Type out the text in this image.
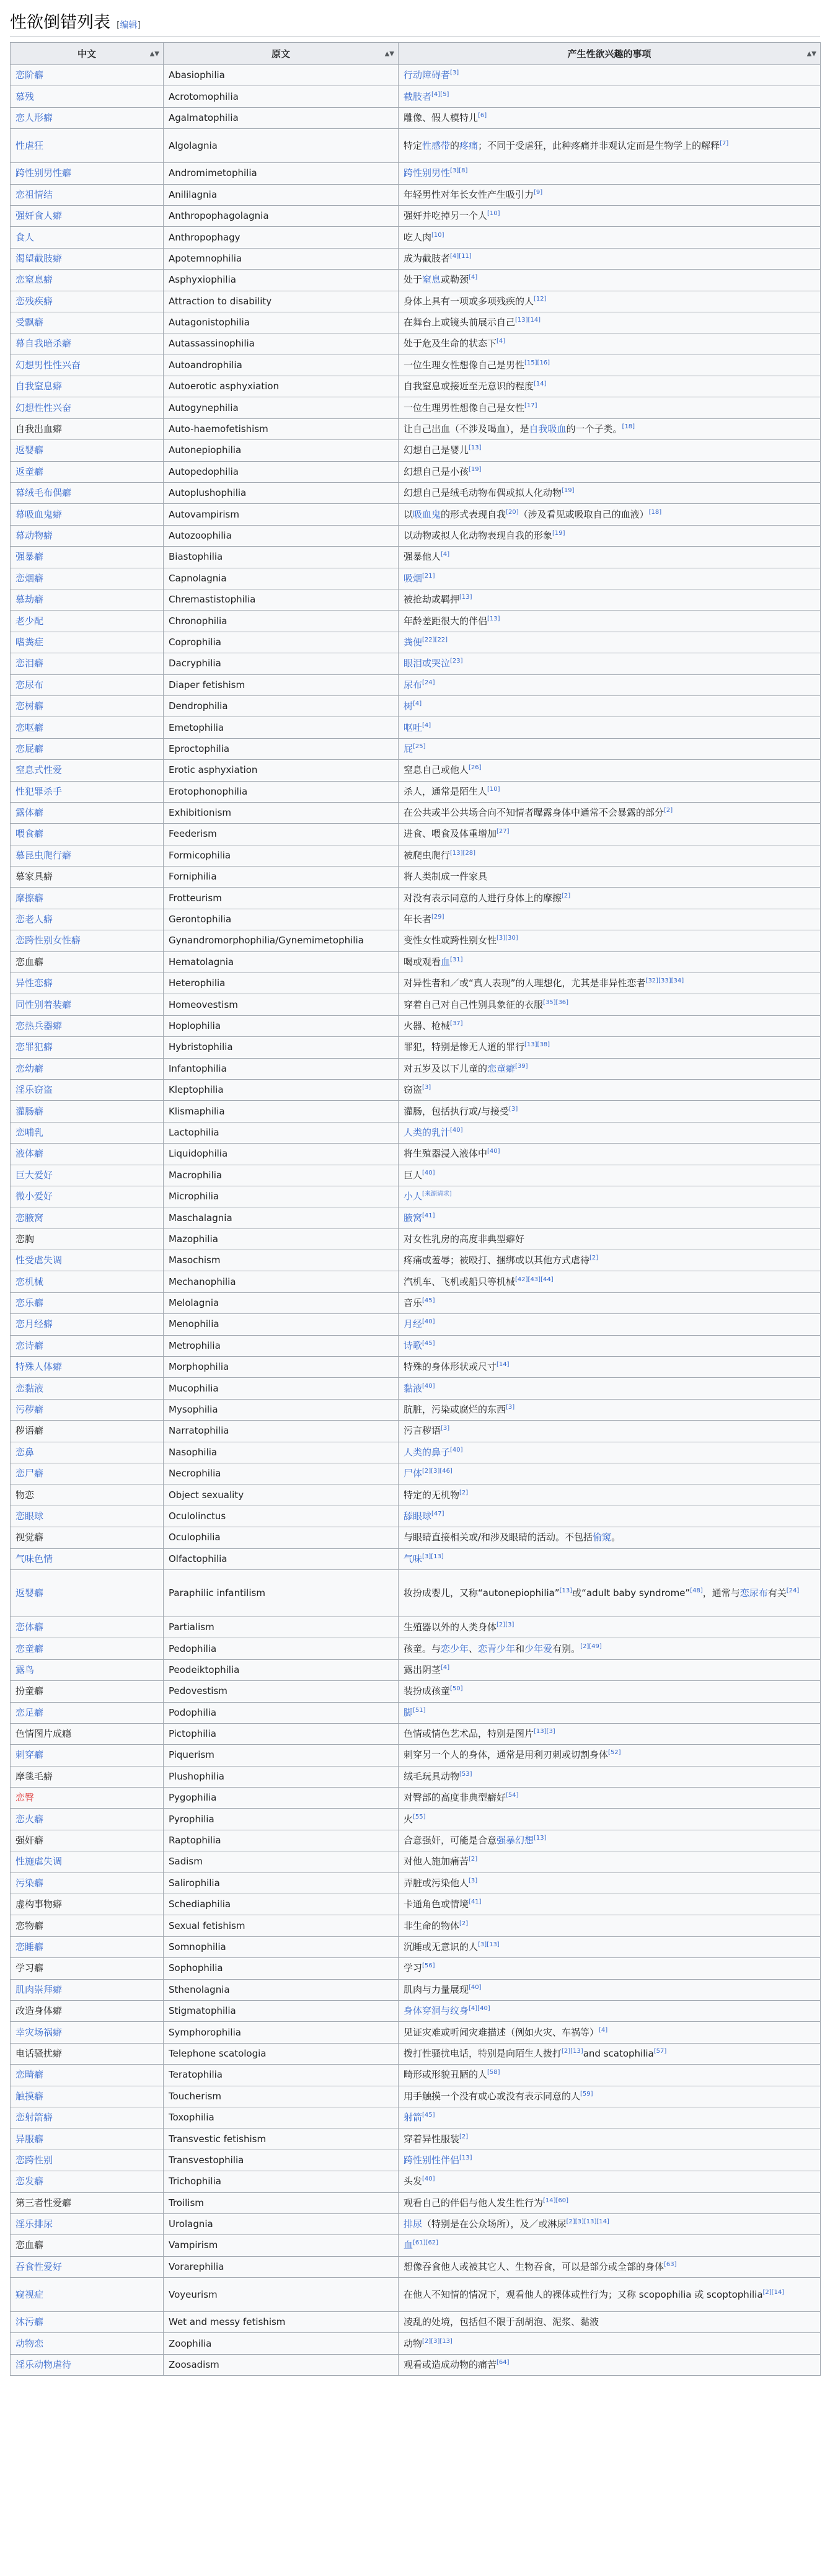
性欲倒错列表 [编辑]
中文 ▲▼	原文 ▲▼	产生性欲兴趣的事项 ▲▼

恋阶癖	Abasiophilia	行动障碍者[3]
慕残	Acrotomophilia	截肢者[4][5]
恋人形癖	Agalmatophilia	雕像、假人模特儿[6]
性虐狂	Algolagnia	特定性感带的疼痛；不同于受虐狂，此种疼痛并非观认定而是生物学上的解释[7]
跨性别男性癖	Andromimetophilia	跨性别男性[3][8]
恋祖情结	Anililagnia	年轻男性对年长女性产生吸引力[9]
强奸食人癖	Anthropophagolagnia	强奸并吃掉另一个人[10]
食人	Anthropophagy	吃人肉[10]
渴望截肢癖	Apotemnophilia	成为截肢者[4][11]
恋窒息癖	Asphyxiophilia	处于窒息或勒颈[4]
恋残疾癖	Attraction to disability	身体上具有一项或多项残疾的人[12]
受飘癖	Autagonistophilia	在舞台上或镜头前展示自己[13][14]
幕自我暗杀癖	Autassassinophilia	处于危及生命的状态下[4]
幻想男性性兴奋	Autoandrophilia	一位生理女性想像自己是男性[15][16]
自我窒息癖	Autoerotic asphyxiation	自我窒息或接近至无意识的程度[14]
幻想性性兴奋	Autogynephilia	一位生理男性想像自己是女性[17]
自我出血癖	Auto-haemofetishism	让自己出血（不涉及喝血），是自我吸血的一个子类。[18]
返婴癖	Autonepiophilia	幻想自己是婴儿[13]
返童癖	Autopedophilia	幻想自己是小孩[19]
幕绒毛布偶癖	Autoplushophilia	幻想自己是绒毛动物布偶或拟人化动物[19]
幕吸血鬼癖	Autovampirism	以吸血鬼的形式表现自我[20]（涉及看见或吸取自己的血液）[18]
幕动物癖	Autozoophilia	以动物或拟人化动物表现自我的形象[19]
强暴癖	Biastophilia	强暴他人[4]
恋烟癖	Capnolagnia	吸烟[21]
慕劫癖	Chremastistophilia	被抢劫或羁押[13]
老少配	Chronophilia	年龄差距很大的伴侣[13]
嗜粪症	Coprophilia	粪便[22][22]
恋泪癖	Dacryphilia	眼泪或哭泣[23]
恋尿布	Diaper fetishism	尿布[24]
恋树癖	Dendrophilia	树[4]
恋呕癖	Emetophilia	呕吐[4]
恋屁癖	Eproctophilia	屁[25]
窒息式性爱	Erotic asphyxiation	窒息自己或他人[26]
性犯罪杀手	Erotophonophilia	杀人，通常是陌生人[10]
露体癖	Exhibitionism	在公共或半公共场合向不知情者曝露身体中通常不会暴露的部分[2]
喂食癖	Feederism	进食、喂食及体重增加[27]
慕昆虫爬行癖	Formicophilia	被爬虫爬行[13][28]
慕家具癖	Forniphilia	将人类制成一件家具
摩擦癖	Frotteurism	对没有表示同意的人进行身体上的摩擦[2]
恋老人癖	Gerontophilia	年长者[29]
恋跨性别女性癖	Gynandromorphophilia/Gynemimetophilia	变性女性或跨性别女性[3][30]
恋血癖	Hematolagnia	喝或观看血[31]
异性恋癖	Heterophilia	对异性者和／或“真人表现”的人理想化，尤其是非异性恋者[32][33][34]
同性别着装癖	Homeovestism	穿着自己对自己性别具象征的衣服[35][36]
恋热兵器癖	Hoplophilia	火器、枪械[37]
恋罪犯癖	Hybristophilia	罪犯，特别是惨无人道的罪行[13][38]
恋幼癖	Infantophilia	对五岁及以下儿童的恋童癖[39]
淫乐窃盗	Kleptophilia	窃盗[3]
灌肠癖	Klismaphilia	灌肠，包括执行或/与接受[3]
恋哺乳	Lactophilia	人类的乳汁[40]
液体癖	Liquidophilia	将生殖器浸入液体中[40]
巨大爱好	Macrophilia	巨人[40]
微小爱好	Microphilia	小人[来源请求]
恋腋窝	Maschalagnia	腋窝[41]
恋胸	Mazophilia	对女性乳房的高度非典型癖好
性受虐失调	Masochism	疼痛或羞辱；被殴打、捆绑或以其他方式虐待[2]
恋机械	Mechanophilia	汽机车、飞机或船只等机械[42][43][44]
恋乐癖	Melolagnia	音乐[45]
恋月经癖	Menophilia	月经[40]
恋诗癖	Metrophilia	诗歌[45]
特殊人体癖	Morphophilia	特殊的身体形状或尺寸[14]
恋黏液	Mucophilia	黏液[40]
污秽癖	Mysophilia	肮脏，污染或腐烂的东西[3]
秽语癖	Narratophilia	污言秽语[3]
恋鼻	Nasophilia	人类的鼻子[40]
恋尸癖	Necrophilia	尸体[2][3][46]
物恋	Object sexuality	特定的无机物[2]
恋眼球	Oculolinctus	舔眼球[47]
视觉癖	Oculophilia	与眼睛直接相关或/和涉及眼睛的活动。不包括偷窥。
气味色情	Olfactophilia	气味[3][13]
返婴癖	Paraphilic infantilism	妆扮成婴儿，又称“autonepiophilia”[13]或“adult baby syndrome”[48]，通常与恋尿布有关[24]
恋体癖	Partialism	生殖器以外的人类身体[2][3]
恋童癖	Pedophilia	孩童。与恋少年、恋青少年和少年爱有别。[2][49]
露鸟	Peodeiktophilia	露出阴茎[4]
扮童癖	Pedovestism	装扮成孩童[50]
恋足癖	Podophilia	脚[51]
色情图片成瘾	Pictophilia	色情或情色艺术品，特别是图片[13][3]
刺穿癖	Piquerism	刺穿另一个人的身体，通常是用利刃刺或切割身体[52]
摩毯毛癖	Plushophilia	绒毛玩具动物[53]
恋臀	Pygophilia	对臀部的高度非典型癖好[54]
恋火癖	Pyrophilia	火[55]
强奸癖	Raptophilia	合意强奸，可能是合意强暴幻想[13]
性施虐失调	Sadism	对他人施加痛苦[2]
污染癖	Salirophilia	弄脏或污染他人[3]
虚构事物癖	Schediaphilia	卡通角色或情境[41]
恋物癖	Sexual fetishism	非生命的物体[2]
恋睡癖	Somnophilia	沉睡或无意识的人[3][13]
学习癖	Sophophilia	学习[56]
肌肉崇拜癖	Sthenolagnia	肌肉与力量展现[40]
改造身体癖	Stigmatophilia	身体穿洞与纹身[4][40]
幸灾场祸癖	Symphorophilia	见证灾难或听闻灾难描述（例如火灾、车祸等）[4]
电话骚扰癖	Telephone scatologia	拨打性骚扰电话，特别是向陌生人拨打[2][13]and scatophilia[57]
恋畸癖	Teratophilia	畸形或形貌丑陋的人[58]
触摸癖	Toucherism	用手触摸一个没有或心或没有表示同意的人[59]
恋射箭癖	Toxophilia	射箭[45]
异服癖	Transvestic fetishism	穿着异性服装[2]
恋跨性别	Transvestophilia	跨性别性伴侣[13]
恋发癖	Trichophilia	头发[40]
第三者性爱癖	Troilism	观看自己的伴侣与他人发生性行为[14][60]
淫乐排尿	Urolagnia	排尿（特别是在公众场所），及／或淋尿[2][3][13][14]
恋血癖	Vampirism	血[61][62]
吞食性爱好	Vorarephilia	想像吞食他人或被其它人、生物吞食，可以是部分或全部的身体[63]
窥视症	Voyeurism	在他人不知情的情况下，观看他人的裸体或性行为；又称 scopophilia 或 scoptophilia[2][14]
沐污癖	Wet and messy fetishism	凌乱的处境，包括但不限于刮胡泡、泥浆、黏液
动物恋	Zoophilia	动物[2][3][13]
淫乐动物虐待	Zoosadism	观看或造成动物的痛苦[64]
